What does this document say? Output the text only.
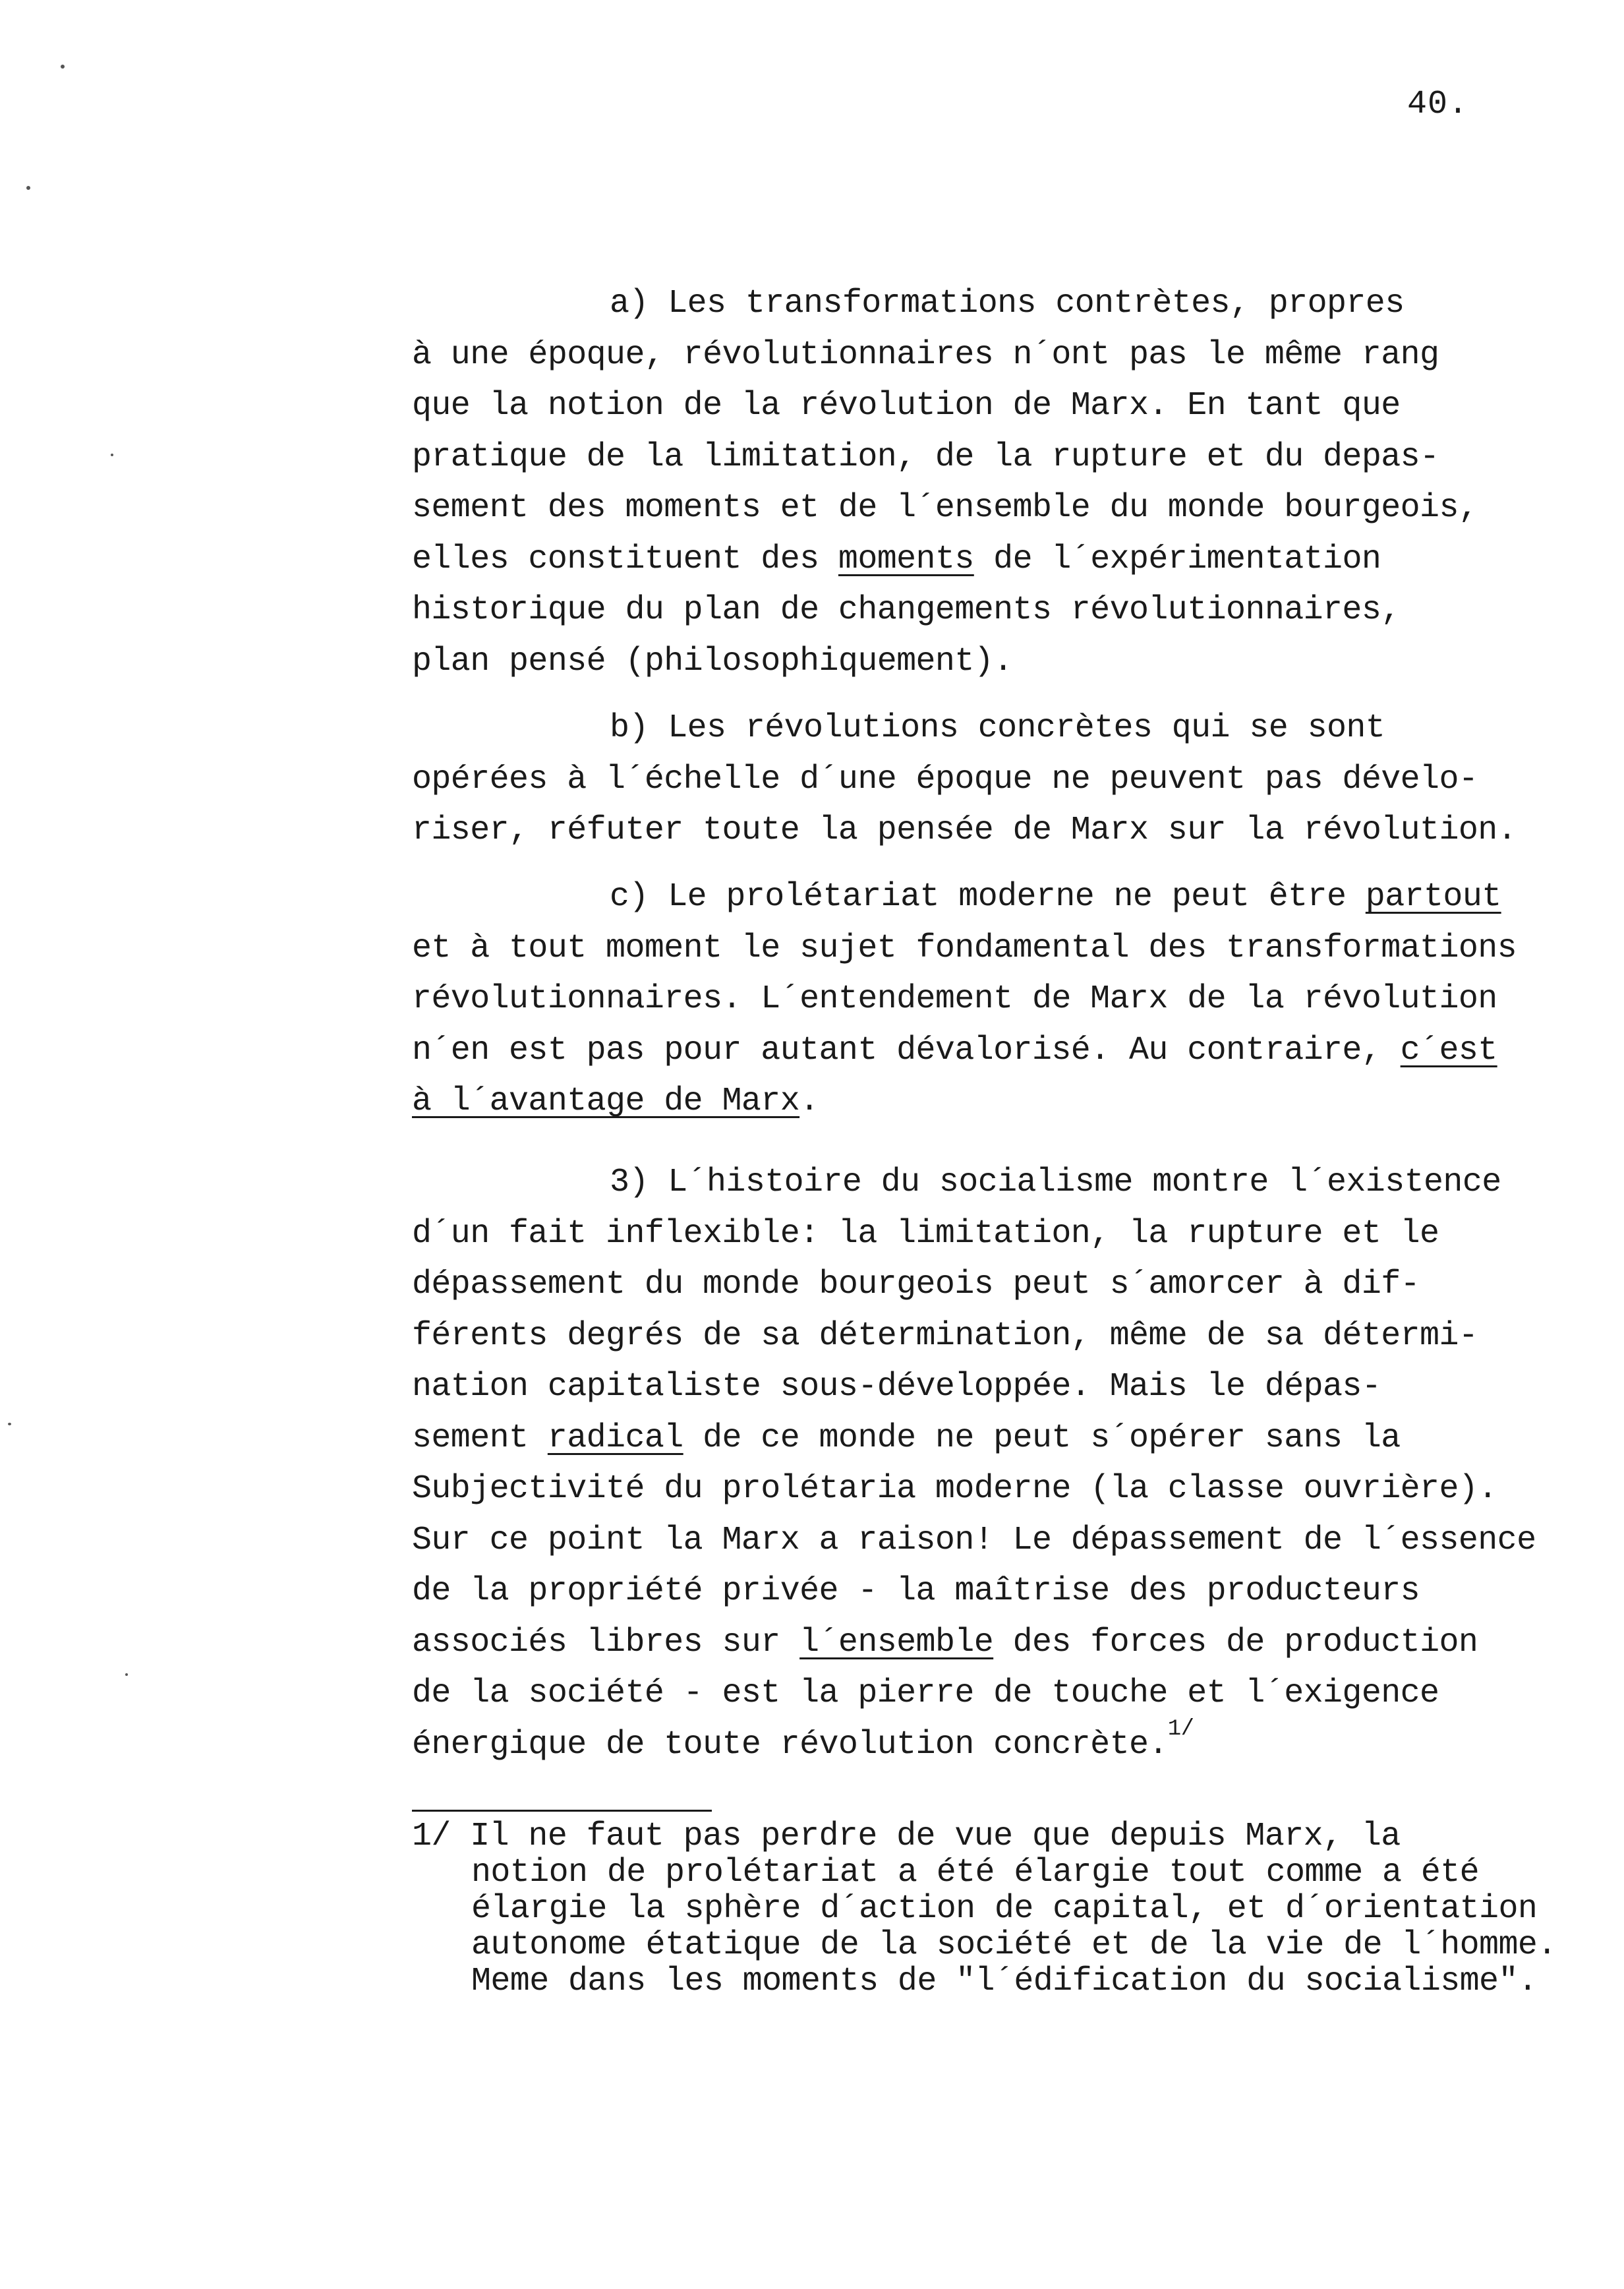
40.
a) Les transformations contrètes, propres
à une époque, révolutionnaires n´ont pas le même rang
que la notion de la révolution de Marx. En tant que
pratique de la limitation, de la rupture et du depas-
sement des moments et de l´ensemble du monde bourgeois,
elles constituent des moments de l´expérimentation
historique du plan de changements révolutionnaires,
plan pensé (philosophiquement).
b) Les révolutions concrètes qui se sont
opérées à l´échelle d´une époque ne peuvent pas dévelo-
riser, réfuter toute la pensée de Marx sur la révolution.
c) Le prolétariat moderne ne peut être partout
et à tout moment le sujet fondamental des transformations
révolutionnaires. L´entendement de Marx de la révolution
n´en est pas pour autant dévalorisé. Au contraire, c´est
à l´avantage de Marx.
3) L´histoire du socialisme montre l´existence
d´un fait inflexible: la limitation, la rupture et le
dépassement du monde bourgeois peut s´amorcer à dif-
férents degrés de sa détermination, même de sa détermi-
nation capitaliste sous-développée. Mais le dépas-
sement radical de ce monde ne peut s´opérer sans la
Subjectivité du prolétaria moderne (la classe ouvrière).
Sur ce point la Marx a raison! Le dépassement de l´essence
de la propriété privée - la maîtrise des producteurs
associés libres sur l´ensemble des forces de production
de la société - est la pierre de touche et l´exigence
énergique de toute révolution concrète.$^{1/}$
1/ Il ne faut pas perdre de vue que depuis Marx, la
notion de prolétariat a été élargie tout comme a été
élargie la sphère d´action de capital, et d´orientation
autonome étatique de la société et de la vie de l´homme.
Meme dans les moments de "l´édification du socialisme".
